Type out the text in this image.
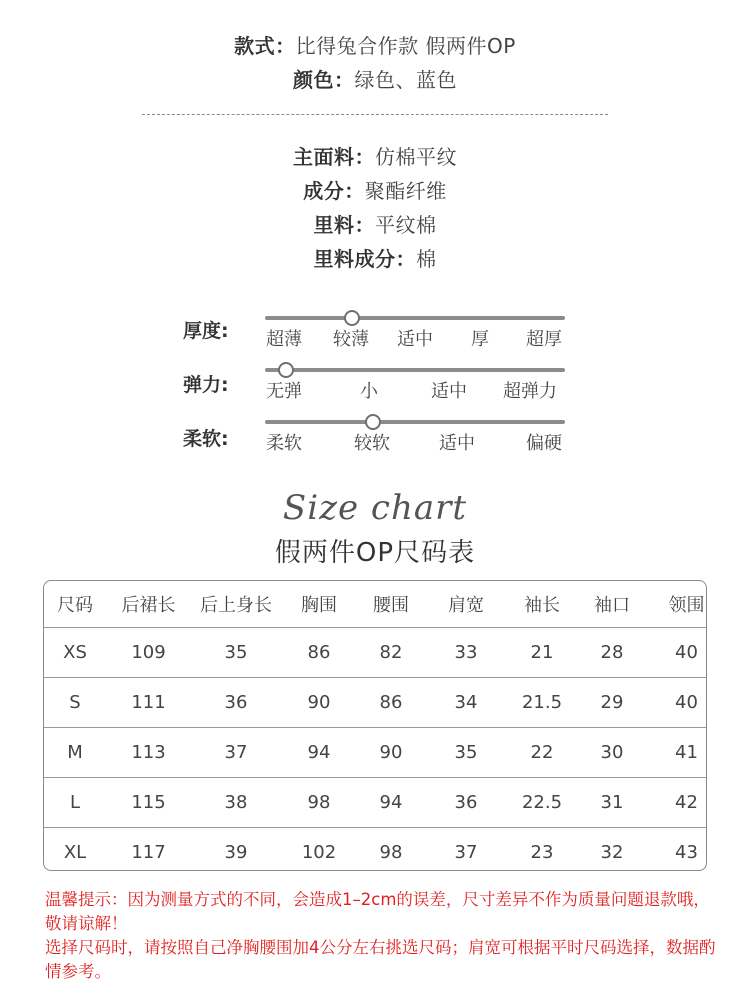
款式：比得兔合作款 假两件OP
颜色：绿色、蓝色
主面料：仿棉平纹
成分：聚酯纤维
里料：平纹棉
里料成分：棉
厚度: 超薄 较薄 适中 厚 超厚
弹力: 无弹	小	适中 超弹力
柔软: 柔软	较软	适中	偏硬
Size chart
假两件OP尺码表
尺码	后裙长	后上身长	胸围	腰围	肩宽	袖长	袖口	领围
XS	109	35	86	82	33	21	28	40
S	111	36	90	86	34	21.5	29	40
M	113	37	94	90	35	22	30	41
L	115	38	98	94	36	22.5	31	42
XL	117	39	102	98	37	23	32	43
温馨提示：因为测量方式的不同，会造成1–2cm的误差，尺寸差异不作为质量问题退款哦，敬请谅解！
选择尺码时，请按照自己净胸腰围加4公分左右挑选尺码；肩宽可根据平时尺码选择，数据酌情参考。
